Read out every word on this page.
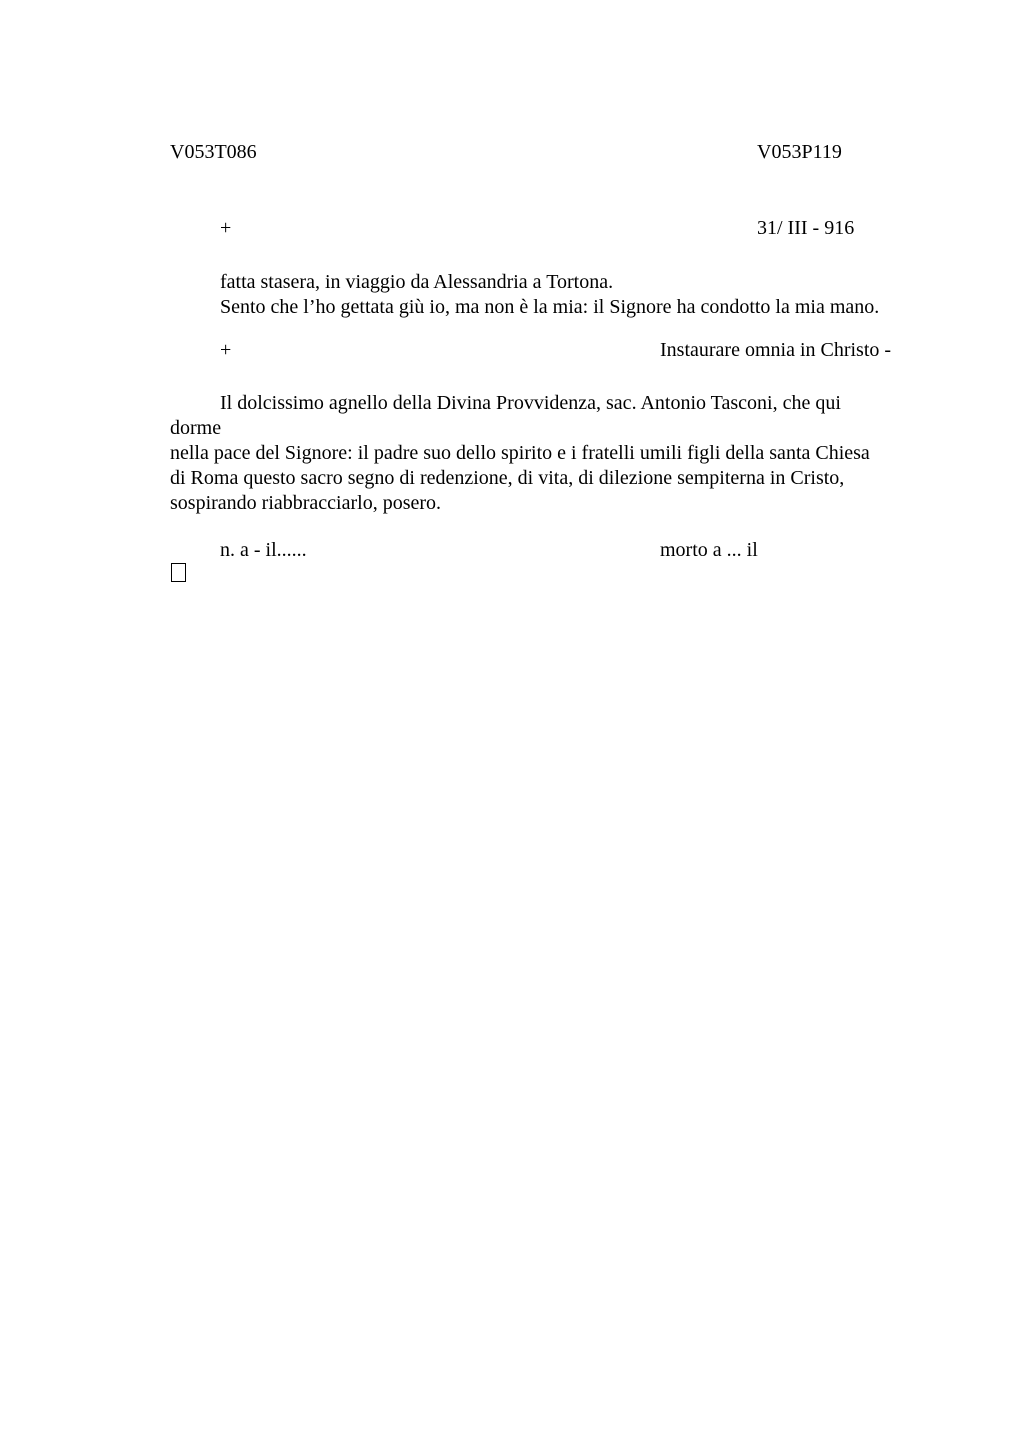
V053T086	V053P119
+	31/ III - 916
fatta stasera, in viaggio da Alessandria a Tortona.
Sento che l’ho gettata giù io, ma non è la mia: il Signore ha condotto la mia mano.
+	Instaurare omnia in Christo -
Il dolcissimo agnello della Divina Provvidenza, sac. Antonio Tasconi, che qui
dorme
nella pace del Signore: il padre suo dello spirito e i fratelli umili figli della santa Chiesa
di Roma questo sacro segno di redenzione, di vita, di dilezione sempiterna in Cristo,
sospirando riabbracciarlo, posero.
n. a - il......	morto a ... il
